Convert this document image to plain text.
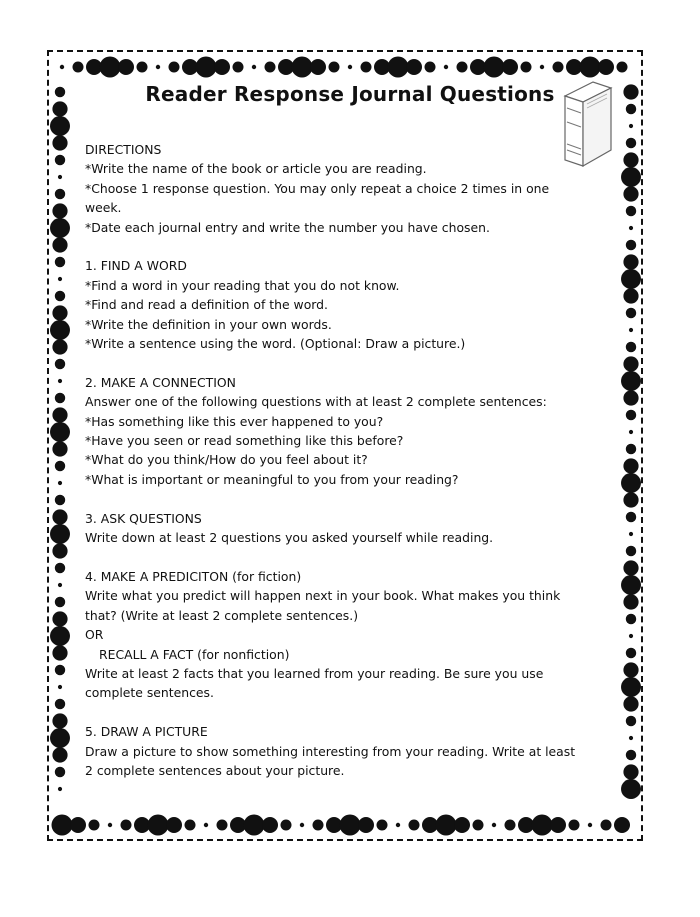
Reader Response Journal Questions
DIRECTIONS
*Write the name of the book or article you are reading.
*Choose 1 response question. You may only repeat a choice 2 times in one
week.
*Date each journal entry and write the number you have chosen.
1. FIND A WORD
*Find a word in your reading that you do not know.
*Find and read a definition of the word.
*Write the definition in your own words.
*Write a sentence using the word. (Optional: Draw a picture.)
2. MAKE A CONNECTION
Answer one of the following questions with at least 2 complete sentences:
*Has something like this ever happened to you?
*Have you seen or read something like this before?
*What do you think/How do you feel about it?
*What is important or meaningful to you from your reading?
3. ASK QUESTIONS
Write down at least 2 questions you asked yourself while reading.
4. MAKE A PREDICITON (for fiction)
Write what you predict will happen next in your book. What makes you think
that? (Write at least 2 complete sentences.)
OR
RECALL A FACT (for nonfiction)
Write at least 2 facts that you learned from your reading. Be sure you use
complete sentences.
5. DRAW A PICTURE
Draw a picture to show something interesting from your reading. Write at least
2 complete sentences about your picture.
